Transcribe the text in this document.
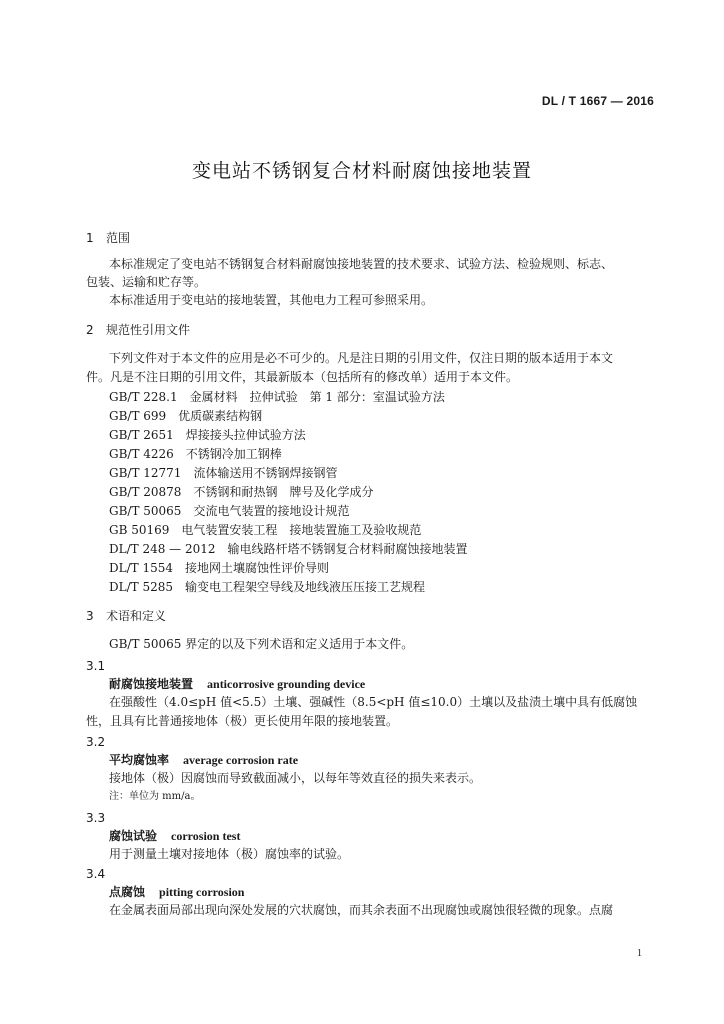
DL / T 1667 — 2016
变电站不锈钢复合材料耐腐蚀接地装置
1 范围
本标准规定了变电站不锈钢复合材料耐腐蚀接地装置的技术要求、试验方法、检验规则、标志、
包装、运输和贮存等。
本标准适用于变电站的接地装置，其他电力工程可参照采用。
2 规范性引用文件
下列文件对于本文件的应用是必不可少的。凡是注日期的引用文件，仅注日期的版本适用于本文
件。凡是不注日期的引用文件，其最新版本（包括所有的修改单）适用于本文件。
GB/T 228.1　金属材料　拉伸试验　第 1 部分：室温试验方法
GB/T 699　优质碳素结构钢
GB/T 2651　焊接接头拉伸试验方法
GB/T 4226　不锈钢冷加工钢棒
GB/T 12771　流体输送用不锈钢焊接钢管
GB/T 20878　不锈钢和耐热钢　牌号及化学成分
GB/T 50065　交流电气装置的接地设计规范
GB 50169　电气装置安装工程　接地装置施工及验收规范
DL/T 248 — 2012　输电线路杆塔不锈钢复合材料耐腐蚀接地装置
DL/T 1554　接地网土壤腐蚀性评价导则
DL/T 5285　输变电工程架空导线及地线液压压接工艺规程
3 术语和定义
GB/T 50065 界定的以及下列术语和定义适用于本文件。
3.1
耐腐蚀接地装置 anticorrosive grounding device
在强酸性（4.0≤pH 值<5.5）土壤、强碱性（8.5<pH 值≤10.0）土壤以及盐渍土壤中具有低腐蚀
性，且具有比普通接地体（极）更长使用年限的接地装置。
3.2
平均腐蚀率 average corrosion rate
接地体（极）因腐蚀而导致截面减小，以每年等效直径的损失来表示。
注：单位为 mm/a。
3.3
腐蚀试验 corrosion test
用于测量土壤对接地体（极）腐蚀率的试验。
3.4
点腐蚀 pitting corrosion
在金属表面局部出现向深处发展的穴状腐蚀，而其余表面不出现腐蚀或腐蚀很轻微的现象。点腐
1
